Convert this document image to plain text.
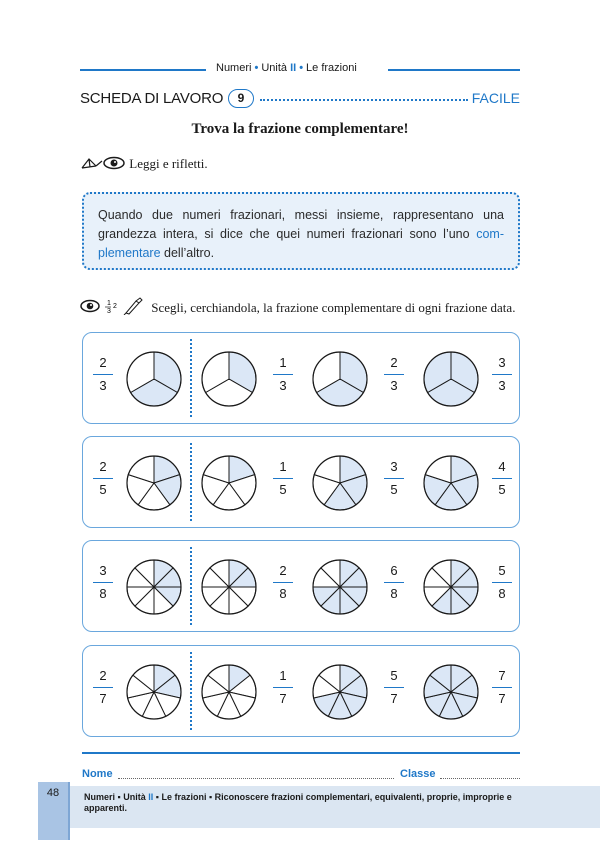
Numeri • Unità II • Le frazioni
SCHEDA DI LAVORO	9	FACILE
Trova la frazione complementare!
Leggi e rifletti.
Quando due numeri frazionari, messi insieme, rappresentano una grandezza intera, si dice che quei numeri frazionari sono l’uno com-plementare dell’altro.
1
3
2	Scegli, cerchiandola, la frazione complementare di ogni frazione data.
2
3
1
3
2
3
3
3
2
5
1
5
3
5
4
5
3
8
2
8
6
8
5
8
2
7
1
7
5
7
7
7
Nome	Classe
48	Numeri ▪ Unità II ▪ Le frazioni ▪ Riconoscere frazioni complementari, equivalenti, proprie, improprie e apparenti.
